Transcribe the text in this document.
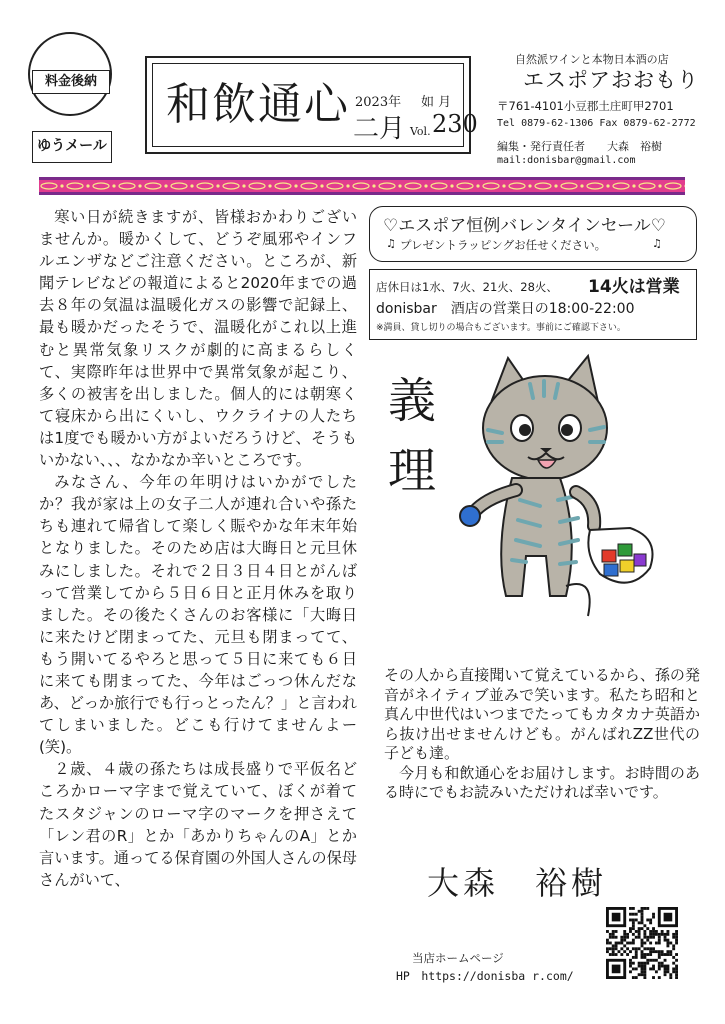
料金後納
ゆうメール
和飲通心 2023年 如 月
二月 Vol. 230
自然派ワインと本物日本酒の店
エスポアおおもり
〒761-4101小豆郡土庄町甲2701
Tel 0879-62-1306 Fax 0879-62-2772
編集・発行責任者　　大森　裕樹
mail:donisbar@gmail.com

寒い日が続きますが、皆様おかわりございませんか。暖かくして、どうぞ風邪やインフルエンザなどご注意ください。ところが、新聞テレビなどの報道によると2020年までの過去８年の気温は温暖化ガスの影響で記録上、最も暖かだったそうで、温暖化がこれ以上進むと異常気象リスクが劇的に高まるらしくて、実際昨年は世界中で異常気象が起こり、多くの被害を出しました。個人的には朝寒くて寝床から出にくいし、ウクライナの人たちは1度でも暖かい方がよいだろうけど、そうもいかない、、、なかなか辛いところです。

みなさん、今年の年明けはいかがでしたか？我が家は上の女子二人が連れ合いや孫たちも連れて帰省して楽しく賑やかな年末年始となりました。そのため店は大晦日と元旦休みにしました。それで２日３日４日とがんばって営業してから５日６日と正月休みを取りました。その後たくさんのお客様に「大晦日に来たけど閉まってた、元旦も閉まってて、もう開いてるやろと思って５日に来ても６日に来ても閉まってた、今年はごっつ休んだなあ、どっか旅行でも行っとったん？」と言われてしまいました。どこも行けてませんよー(笑)。

２歳、４歳の孫たちは成長盛りで平仮名どころかローマ字まで覚えていて、ぼくが着てたスタジャンのローマ字のマークを押さえて「レン君のR」とか「あかりちゃんのA」とか言います。通ってる保育園の外国人さんの保母さんがいて、

♡エスポア恒例バレンタインセール♡
♫ プレゼントラッピングお任せください。	♫
店休日は1水、7火、21火、28火、 14火は営業
donisbar　酒店の営業日の18:00-22:00
※満員、貸し切りの場合もございます。事前にご確認下さい。
義理

その人から直接聞いて覚えているから、孫の発音がネイティブ並みで笑います。私たち昭和と真ん中世代はいつまでたってもカタカナ英語から抜け出せませんけども。がんばれZZ世代の子ども達。

今月も和飲通心をお届けします。お時間のある時にでもお読みいただければ幸いです。

大森　裕樹
当店ホームページ
HP　https://donisba r.com/
